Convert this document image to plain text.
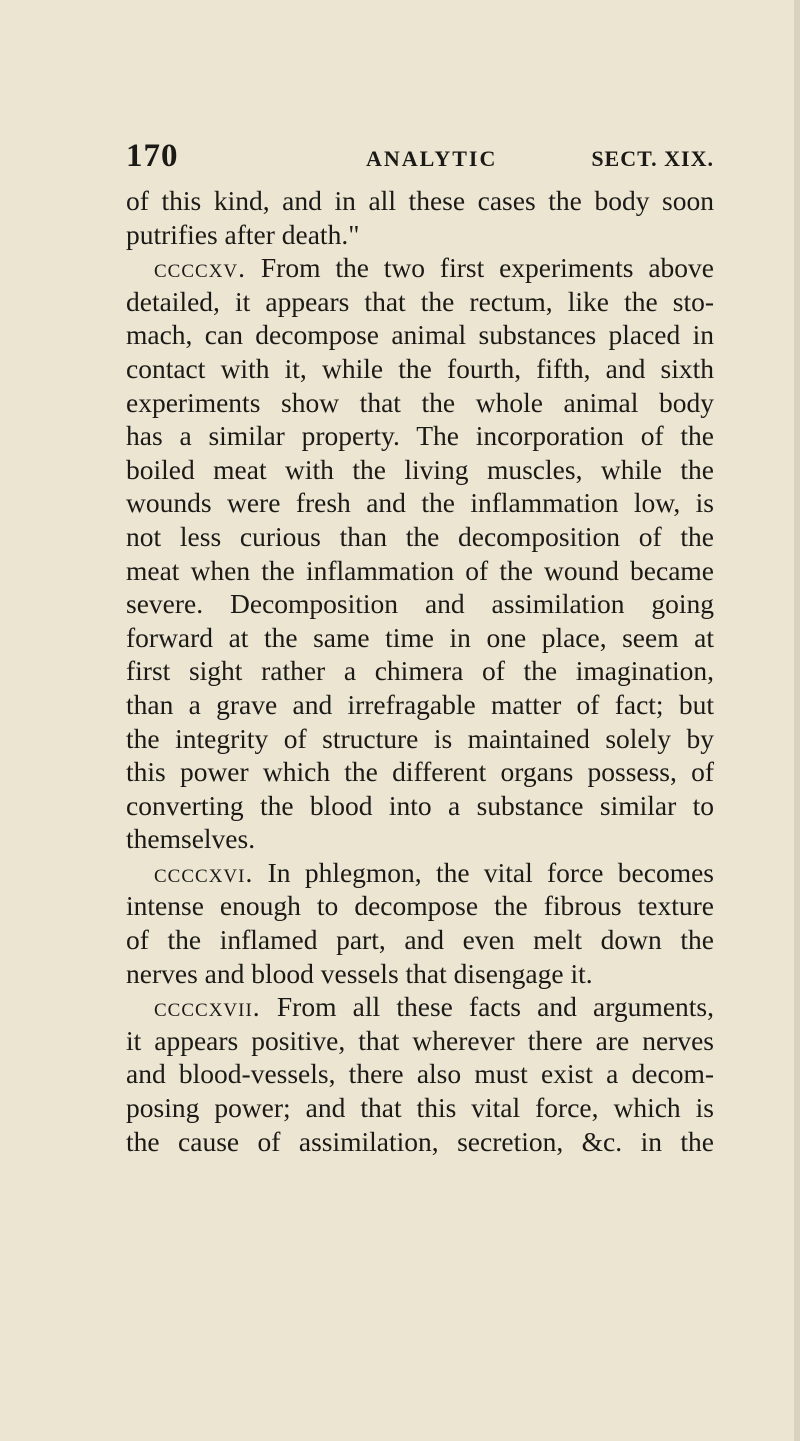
170	ANALYTIC	SECT. XIX.
of this kind, and in all these cases the body soon
putrifies after death."
ccccxv. From the two first experiments above
detailed, it appears that the rectum, like the sto-
mach, can decompose animal substances placed in
contact with it, while the fourth, fifth, and sixth
experiments show that the whole animal body
has a similar property. The incorporation of the
boiled meat with the living muscles, while the
wounds were fresh and the inflammation low, is
not less curious than the decomposition of the
meat when the inflammation of the wound became
severe. Decomposition and assimilation going
forward at the same time in one place, seem at
first sight rather a chimera of the imagination,
than a grave and irrefragable matter of fact; but
the integrity of structure is maintained solely by
this power which the different organs possess, of
converting the blood into a substance similar to
themselves.
ccccxvi. In phlegmon, the vital force becomes
intense enough to decompose the fibrous texture
of the inflamed part, and even melt down the
nerves and blood vessels that disengage it.
ccccxvii. From all these facts and arguments,
it appears positive, that wherever there are nerves
and blood-vessels, there also must exist a decom-
posing power; and that this vital force, which is
the cause of assimilation, secretion, &c. in the
